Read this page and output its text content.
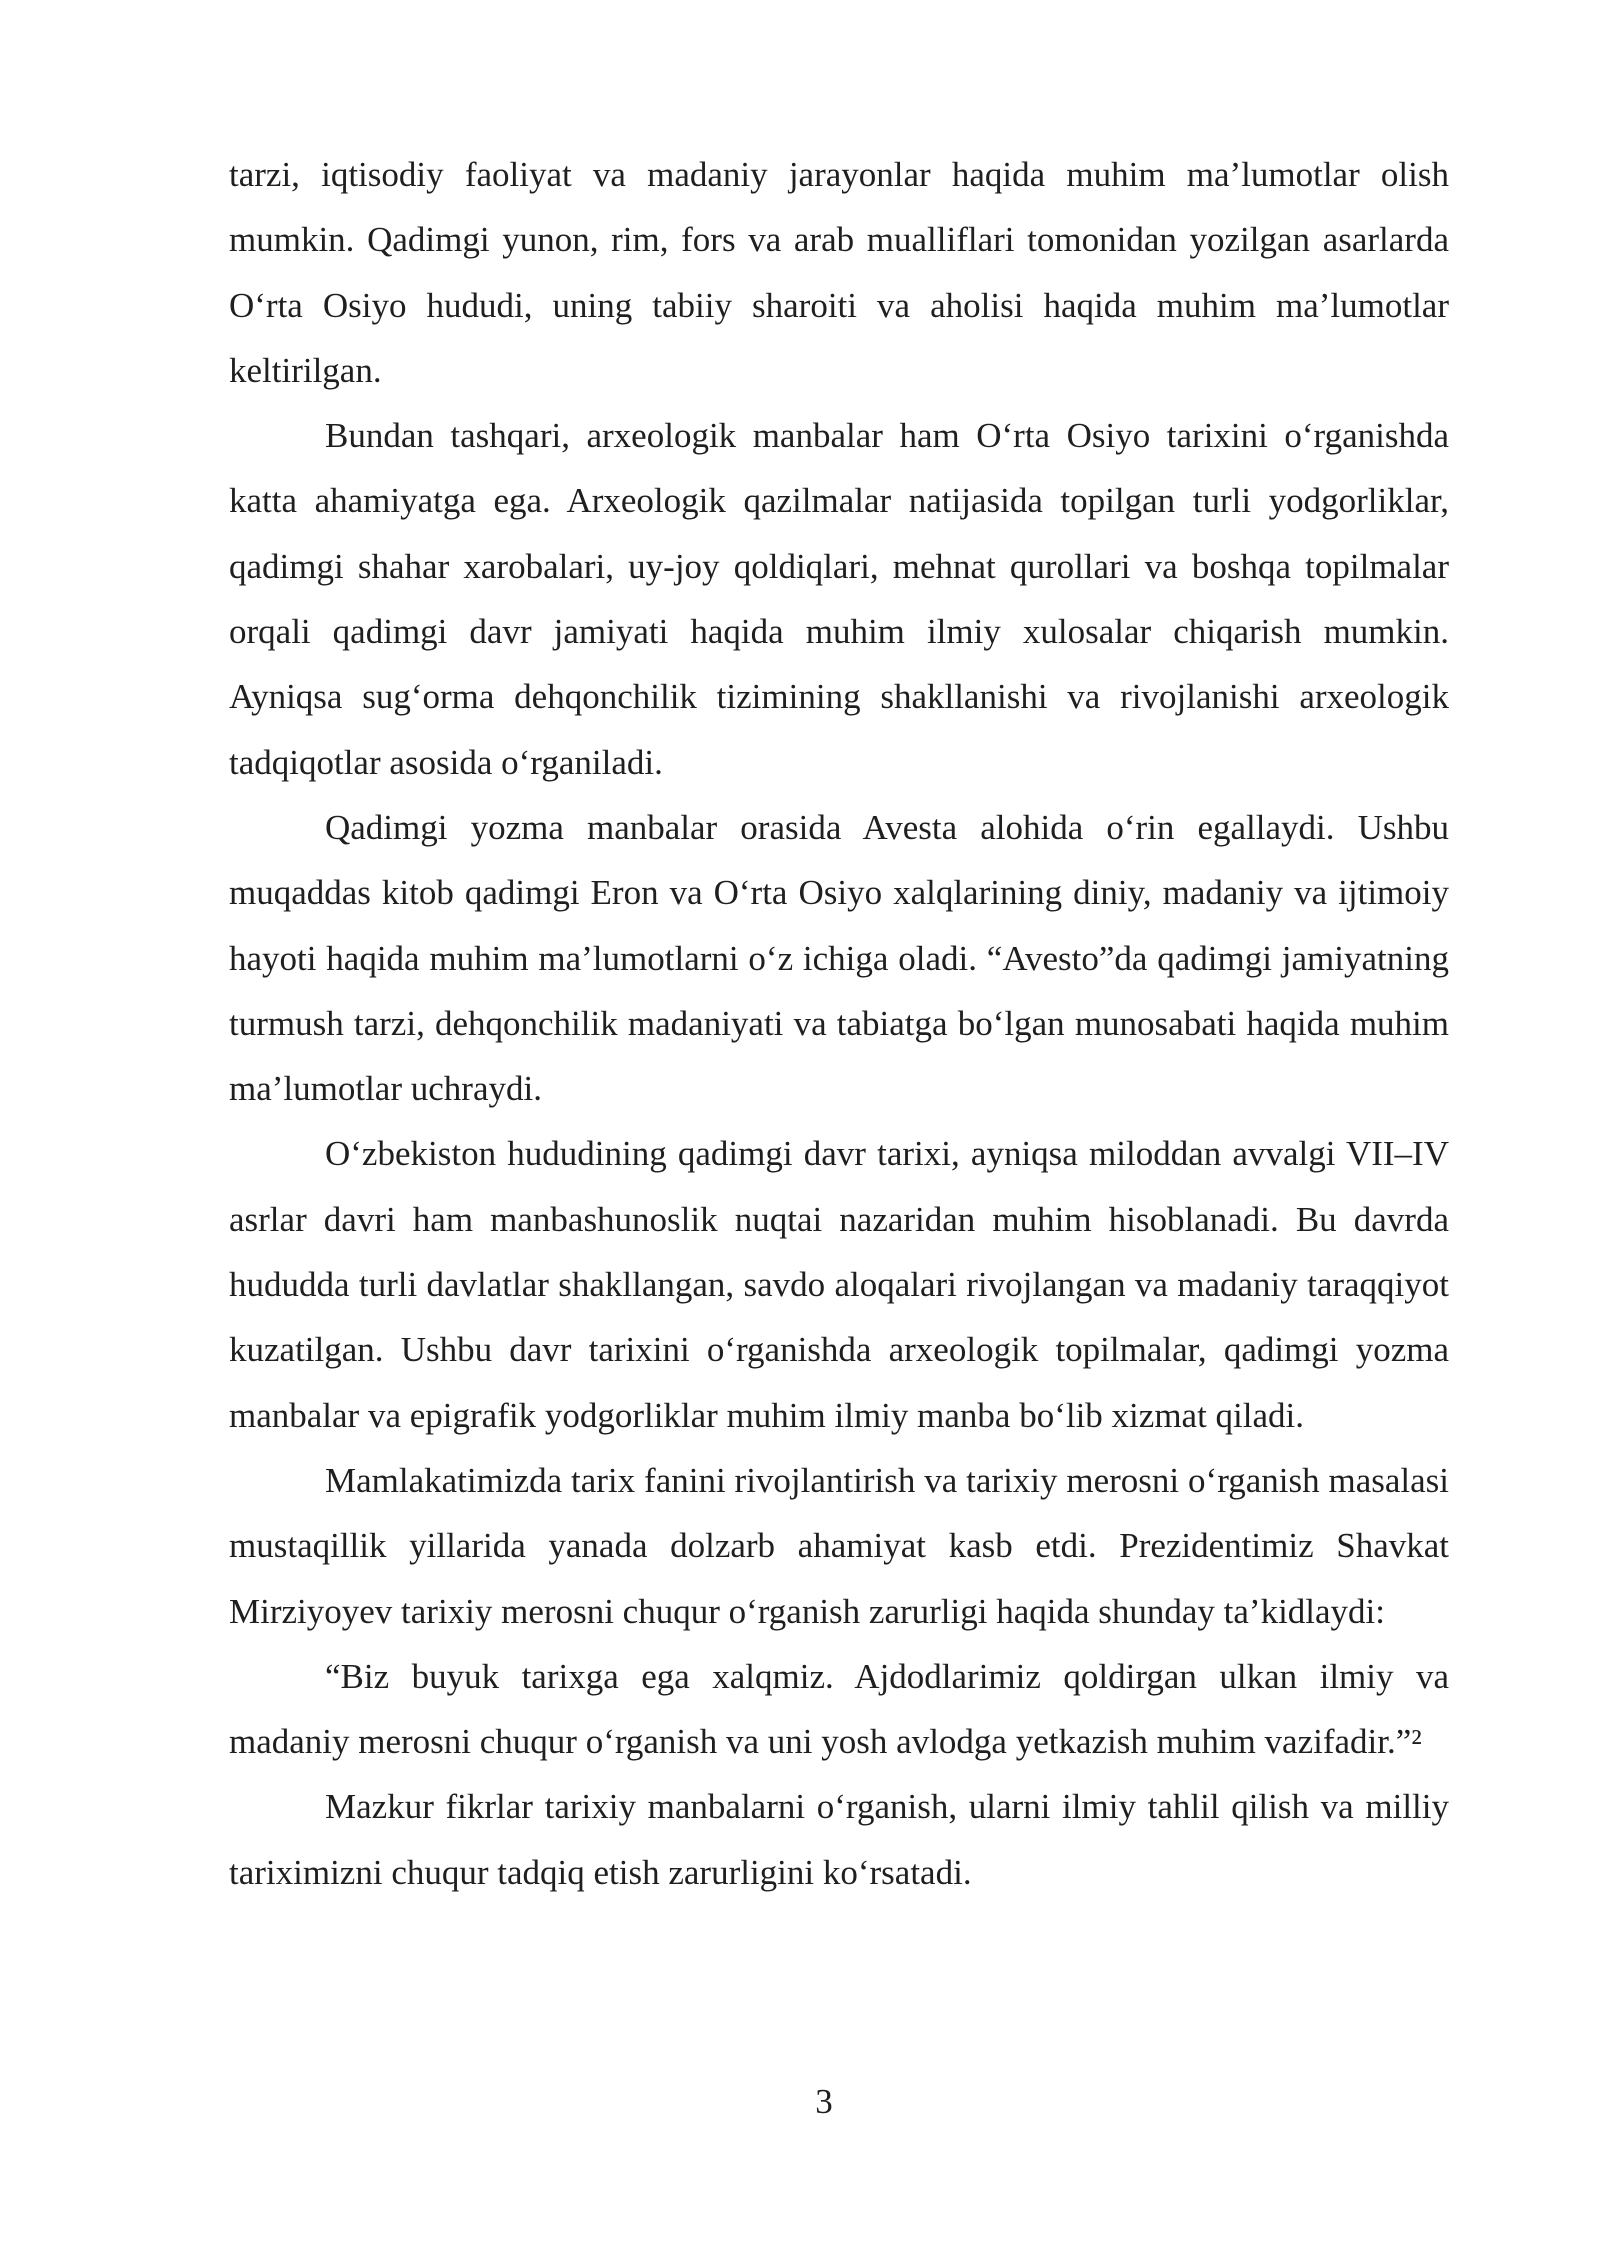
tarzi, iqtisodiy faoliyat va madaniy jarayonlar haqida muhim ma’lumotlar olish mumkin. Qadimgi yunon, rim, fors va arab mualliflari tomonidan yozilgan asarlarda O‘rta Osiyo hududi, uning tabiiy sharoiti va aholisi haqida muhim ma’lumotlar keltirilgan.

Bundan tashqari, arxeologik manbalar ham O‘rta Osiyo tarixini o‘rganishda katta ahamiyatga ega. Arxeologik qazilmalar natijasida topilgan turli yodgorliklar, qadimgi shahar xarobalari, uy-joy qoldiqlari, mehnat qurollari va boshqa topilmalar orqali qadimgi davr jamiyati haqida muhim ilmiy xulosalar chiqarish mumkin. Ayniqsa sug‘orma dehqonchilik tizimining shakllanishi va rivojlanishi arxeologik tadqiqotlar asosida o‘rganiladi.

Qadimgi yozma manbalar orasida Avesta alohida o‘rin egallaydi. Ushbu muqaddas kitob qadimgi Eron va O‘rta Osiyo xalqlarining diniy, madaniy va ijtimoiy hayoti haqida muhim ma’lumotlarni o‘z ichiga oladi. “Avesto”da qadimgi jamiyatning turmush tarzi, dehqonchilik madaniyati va tabiatga bo‘lgan munosabati haqida muhim ma’lumotlar uchraydi.

O‘zbekiston hududining qadimgi davr tarixi, ayniqsa miloddan avvalgi VII–IV asrlar davri ham manbashunoslik nuqtai nazaridan muhim hisoblanadi. Bu davrda hududda turli davlatlar shakllangan, savdo aloqalari rivojlangan va madaniy taraqqiyot kuzatilgan. Ushbu davr tarixini o‘rganishda arxeologik topilmalar, qadimgi yozma manbalar va epigrafik yodgorliklar muhim ilmiy manba bo‘lib xizmat qiladi.

Mamlakatimizda tarix fanini rivojlantirish va tarixiy merosni o‘rganish masalasi mustaqillik yillarida yanada dolzarb ahamiyat kasb etdi. Prezidentimiz Shavkat Mirziyoyev tarixiy merosni chuqur o‘rganish zarurligi haqida shunday ta’kidlaydi:

“Biz buyuk tarixga ega xalqmiz. Ajdodlarimiz qoldirgan ulkan ilmiy va madaniy merosni chuqur o‘rganish va uni yosh avlodga yetkazish muhim vazifadir.”²

Mazkur fikrlar tarixiy manbalarni o‘rganish, ularni ilmiy tahlil qilish va milliy tariximizni chuqur tadqiq etish zarurligini ko‘rsatadi.

3
